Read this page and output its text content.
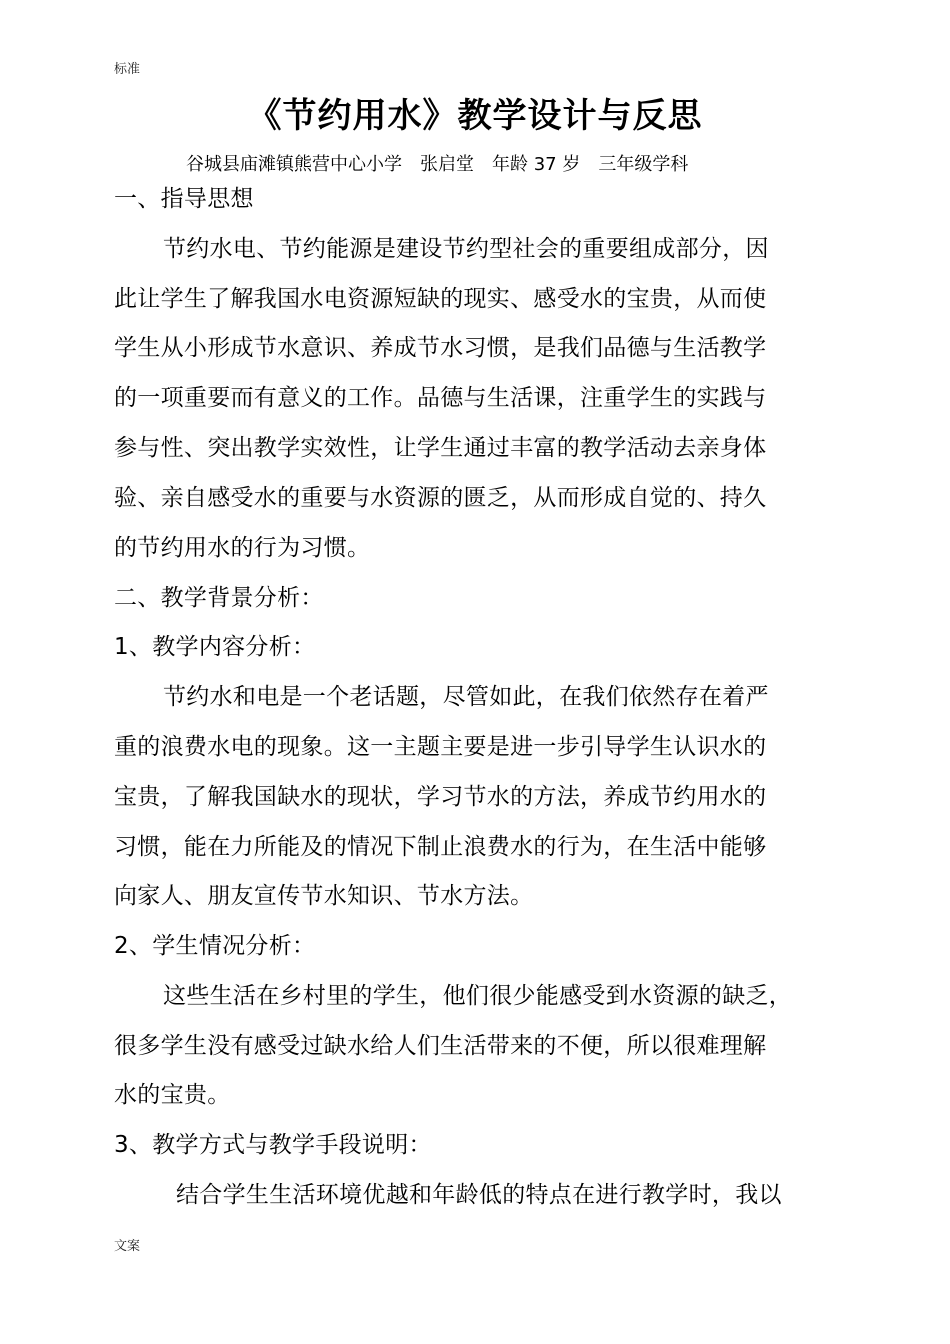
标准
《节约用水》教学设计与反思
谷城县庙滩镇熊营中心小学　张启堂　年龄 37 岁　三年级学科
一、指导思想
节约水电、节约能源是建设节约型社会的重要组成部分，因
此让学生了解我国水电资源短缺的现实、感受水的宝贵，从而使
学生从小形成节水意识、养成节水习惯，是我们品德与生活教学
的一项重要而有意义的工作。品德与生活课，注重学生的实践与
参与性、突出教学实效性，让学生通过丰富的教学活动去亲身体
验、亲自感受水的重要与水资源的匮乏，从而形成自觉的、持久
的节约用水的行为习惯。
二、教学背景分析：
1、教学内容分析：
节约水和电是一个老话题，尽管如此，在我们依然存在着严
重的浪费水电的现象。这一主题主要是进一步引导学生认识水的
宝贵，了解我国缺水的现状，学习节水的方法，养成节约用水的
习惯，能在力所能及的情况下制止浪费水的行为，在生活中能够
向家人、朋友宣传节水知识、节水方法。
2、学生情况分析：
这些生活在乡村里的学生，他们很少能感受到水资源的缺乏，
很多学生没有感受过缺水给人们生活带来的不便，所以很难理解
水的宝贵。
3、教学方式与教学手段说明：
结合学生生活环境优越和年龄低的特点在进行教学时，我以
文案
